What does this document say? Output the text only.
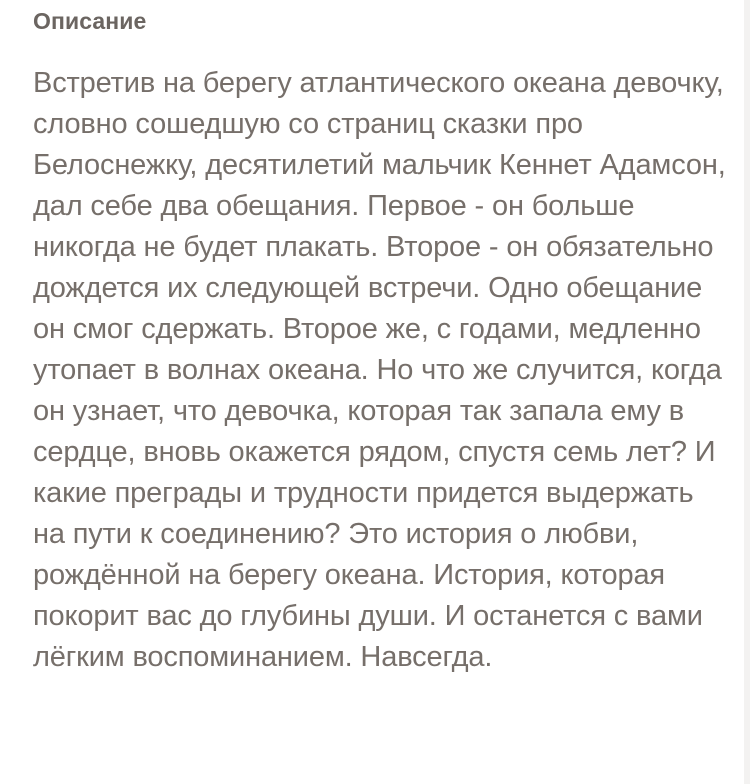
Описание

Встретив на берегу атлантического океана девочку, словно сошедшую со страниц сказки про Белоснежку, десятилетий мальчик Кеннет Адамсон, дал себе два обещания. Первое - он больше никогда не будет плакать. Второе - он обязательно дождется их следующей встречи. Одно обещание он смог сдержать. Второе же, с годами, медленно утопает в волнах океана. Но что же случится, когда он узнает, что девочка, которая так запала ему в сердце, вновь окажется рядом, спустя семь лет? И какие преграды и трудности придется выдержать на пути к соединению? Это история о любви, рождённой на берегу океана. История, которая покорит вас до глубины души. И останется с вами лёгким воспоминанием. Навсегда.
